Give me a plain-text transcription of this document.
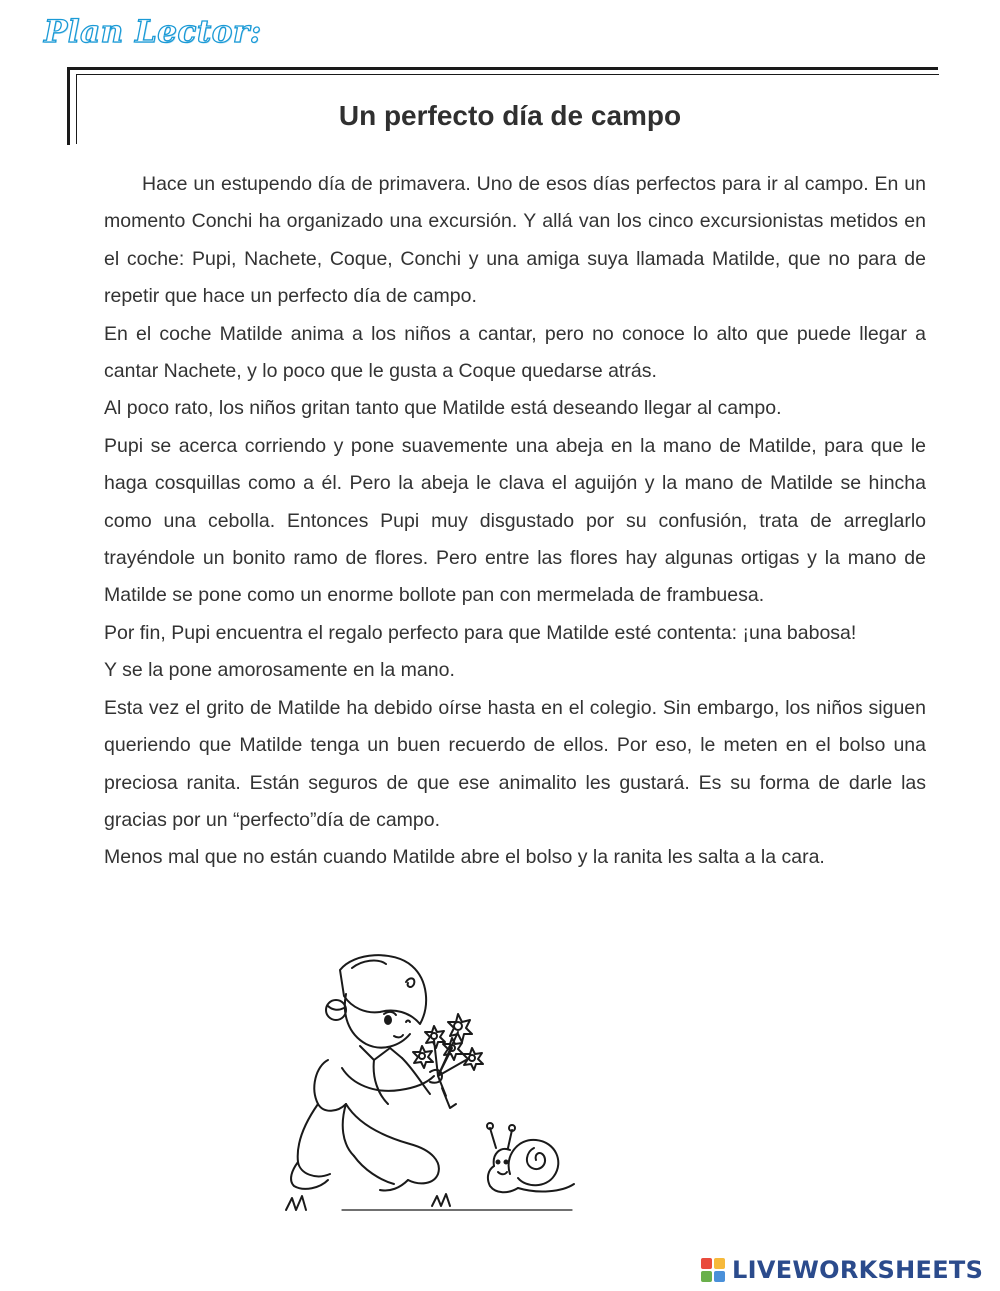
Plan Lector:
Un perfecto día de campo

Hace un estupendo día de primavera. Uno de esos días perfectos para ir al campo. En un momento Conchi ha organizado una excursión. Y allá van los cinco excursionistas metidos en el coche: Pupi, Nachete, Coque, Conchi y una amiga suya llamada Matilde, que no para de repetir que hace un perfecto día de campo.

En el coche Matilde anima a los niños a cantar, pero no conoce lo alto que puede llegar a cantar Nachete, y lo poco que le gusta a Coque quedarse atrás.

Al poco rato, los niños gritan tanto que Matilde está deseando llegar al campo.

Pupi se acerca corriendo y pone suavemente una abeja en la mano de Matilde, para que le haga cosquillas como a él. Pero la abeja le clava el aguijón y la mano de Matilde se hincha como una cebolla. Entonces Pupi muy disgustado por su confusión, trata de arreglarlo trayéndole un bonito ramo de flores. Pero entre las flores hay algunas ortigas y la mano de Matilde se pone como un enorme bollote pan con mermelada de frambuesa.

Por fin, Pupi encuentra el regalo perfecto para que Matilde esté contenta: ¡una babosa!

Y se la pone amorosamente en la mano.

Esta vez el grito de Matilde ha debido oírse hasta en el colegio. Sin embargo, los niños siguen queriendo que Matilde tenga un buen recuerdo de ellos. Por eso, le meten en el bolso una preciosa ranita. Están seguros de que ese animalito les gustará. Es su forma de darle las gracias por un “perfecto”día de campo.

Menos mal que no están cuando Matilde abre el bolso y la ranita les salta a la cara.

LIVEWORKSHEETS
